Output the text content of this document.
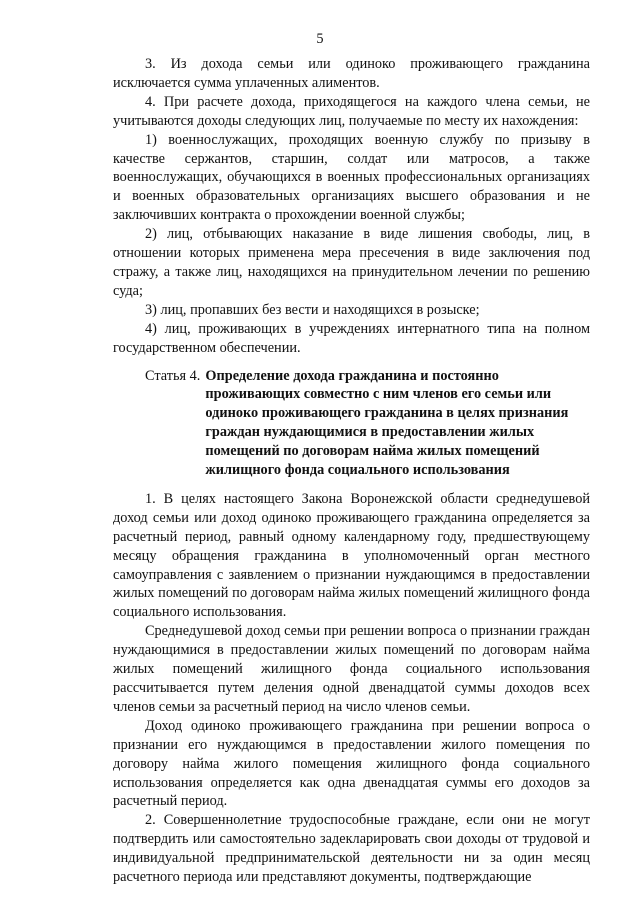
5

3. Из дохода семьи или одиноко проживающего гражданина исключается сумма уплаченных алиментов.

4. При расчете дохода, приходящегося на каждого члена семьи, не учитываются доходы следующих лиц, получаемые по месту их нахождения:

1) военнослужащих, проходящих военную службу по призыву в качестве сержантов, старшин, солдат или матросов, а также военнослужащих, обучающихся в военных профессиональных организациях и военных образовательных организациях высшего образования и не заключивших контракта о прохождении военной службы;

2) лиц, отбывающих наказание в виде лишения свободы, лиц, в отношении которых применена мера пресечения в виде заключения под стражу, а также лиц, находящихся на принудительном лечении по решению суда;

3) лиц, пропавших без вести и находящихся в розыске;

4) лиц, проживающих в учреждениях интернатного типа на полном государственном обеспечении.

Статья 4. Определение дохода гражданина и постоянно
проживающих совместно с ним членов его семьи или
одиноко проживающего гражданина в целях признания
граждан нуждающимися в предоставлении жилых
помещений по договорам найма жилых помещений
жилищного фонда социального использования

1. В целях настоящего Закона Воронежской области среднедушевой доход семьи или доход одиноко проживающего гражданина определяется за расчетный период, равный одному календарному году, предшествующему месяцу обращения гражданина в уполномоченный орган местного самоуправления с заявлением о признании нуждающимся в предоставлении жилых помещений по договорам найма жилых помещений жилищного фонда социального использования.

Среднедушевой доход семьи при решении вопроса о признании граждан нуждающимися в предоставлении жилых помещений по договорам найма жилых помещений жилищного фонда социального использования рассчитывается путем деления одной двенадцатой суммы доходов всех членов семьи за расчетный период на число членов семьи.

Доход одиноко проживающего гражданина при решении вопроса о признании его нуждающимся в предоставлении жилого помещения по договору найма жилого помещения жилищного фонда социального использования определяется как одна двенадцатая суммы его доходов за расчетный период.

2. Совершеннолетние трудоспособные граждане, если они не могут подтвердить или самостоятельно задекларировать свои доходы от трудовой и индивидуальной предпринимательской деятельности ни за один месяц расчетного периода или представляют документы, подтверждающие
